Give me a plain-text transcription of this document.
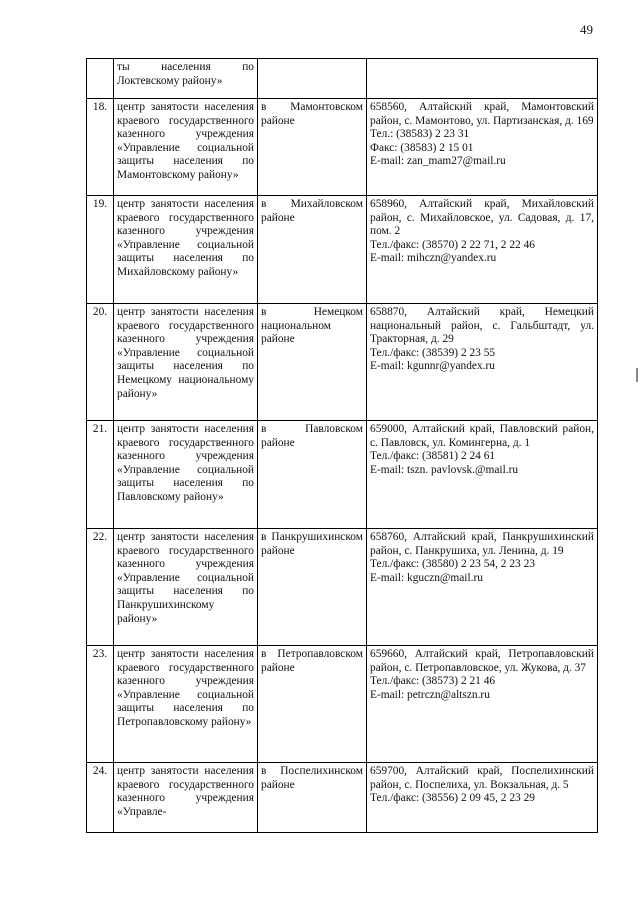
49
	ты населения по Локтевскому району»		

18.	центр занятости населения краевого государственного казенного учреждения «Управление социальной защиты населения по Мамонтовскому району»	в Мамонтовском районе	658560, Алтайский край, Мамонтовский район, с. Мамонтово, ул. Партизанская, д. 169
Тел.: (38583) 2 23 31
Факс: (38583) 2 15 01
E-mail: zan_mam27@mail.ru

19.	центр занятости населения краевого государственного казенного учреждения «Управление социальной защиты населения по Михайловскому району»	в Михайловском районе	658960, Алтайский край, Михайловский район, с. Михайловское, ул. Садовая, д. 17, пом. 2
Тел./факс: (38570) 2 22 71, 2 22 46
E-mail: mihczn@yandex.ru

20.	центр занятости населения краевого государственного казенного учреждения «Управление социальной защиты населения по Немецкому национальному району»	в Немецком национальном районе	658870, Алтайский край, Немецкий национальный район, с. Гальбштадт, ул. Тракторная, д. 29
Тел./факс: (38539) 2 23 55
E-mail: kgunnr@yandex.ru

21.	центр занятости населения краевого государственного казенного учреждения «Управление социальной защиты населения по Павловскому району»	в Павловском районе	659000, Алтайский край, Павловский район, с. Павловск, ул. Комингерна, д. 1
Тел./факс: (38581) 2 24 61
E-mail: tszn. pavlovsk.@mail.ru

22.	центр занятости населения краевого государственного казенного учреждения «Управление социальной защиты населения по Панкрушихинскому району»	в Панкрушихинском районе	658760, Алтайский край, Панкрушихинский район, с. Панкрушиха, ул. Ленина, д. 19
Тел./факс: (38580) 2 23 54, 2 23 23
E-mail: kguczn@mail.ru

23.	центр занятости населения краевого государственного казенного учреждения «Управление социальной защиты населения по Петропавловскому району»	в Петропавловском районе	659660, Алтайский край, Петропавловский район, с. Петропавловское, ул. Жукова, д. 37
Тел./факс: (38573) 2 21 46
E-mail: petrczn@altszn.ru

24.	центр занятости населения краевого государственного казенного учреждения «Управле-	в Поспелихинском районе	659700, Алтайский край, Поспелихинский район, с. Поспелиха, ул. Вокзальная, д. 5
Тел./факс: (38556) 2 09 45, 2 23 29
